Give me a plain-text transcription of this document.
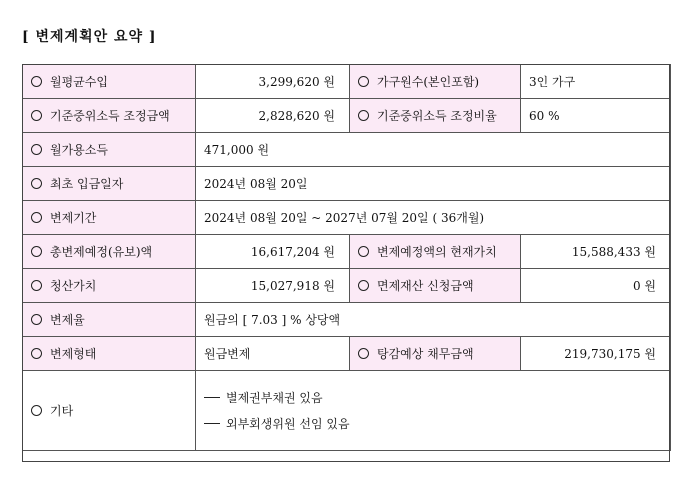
[ 변제계획안 요약 ]
월평균수입	3,299,620 원	가구원수(본인포함)	3인 가구
기준중위소득 조정금액	2,828,620 원	기준중위소득 조정비율	60 %
월가용소득	471,000 원		
최초 입금일자	2024년 08월 20일		
변제기간	2024년 08월 20일 ~ 2027년 07월 20일 ( 36개월)		
총변제예정(유보)액	16,617,204 원	변제예정액의 현재가치	15,588,433 원
청산가치	15,027,918 원	면제재산 신청금액	0 원
변제율	원금의 [ 7.03 ] % 상당액		
변제형태	원금변제	탕감예상 채무금액	219,730,175 원
기타	별제권부채권 있음
외부회생위원 선임 있음		
